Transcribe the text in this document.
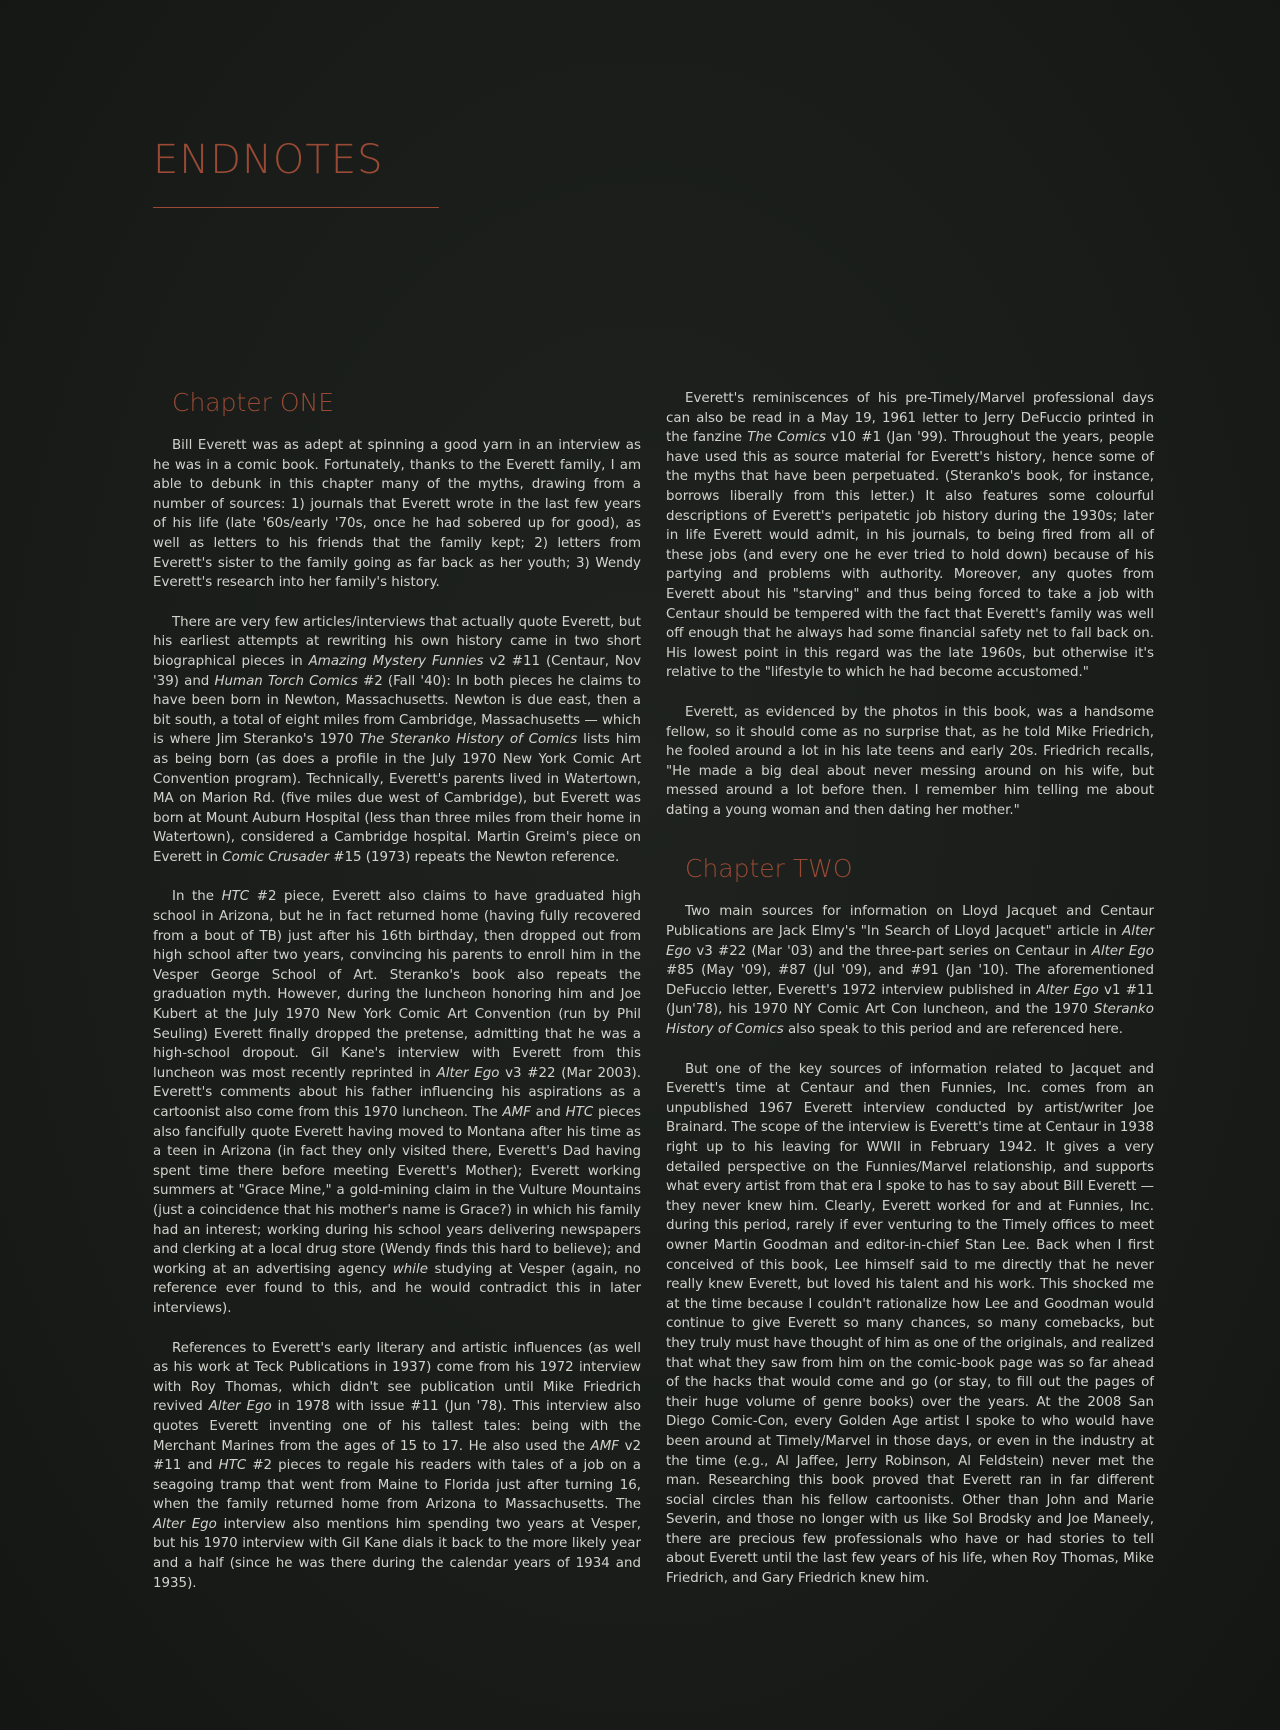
ENDNOTES
Chapter ONE

Bill Everett was as adept at spinning a good yarn in an interview as he was in a comic book. Fortunately, thanks to the Everett family, I am able to debunk in this chapter many of the myths, drawing from a number of sources: 1) journals that Everett wrote in the last few years of his life (late '60s/early '70s, once he had sobered up for good), as well as letters to his friends that the family kept; 2) letters from Everett's sister to the family going as far back as her youth; 3) Wendy Everett's research into her family's history.

There are very few articles/interviews that actually quote Everett, but his earliest attempts at rewriting his own history came in two short biographical pieces in Amazing Mystery Funnies v2 #11 (Centaur, Nov '39) and Human Torch Comics #2 (Fall '40): In both pieces he claims to have been born in Newton, Massachusetts. Newton is due east, then a bit south, a total of eight miles from Cambridge, Massachusetts — which is where Jim Steranko's 1970 The Steranko History of Comics lists him as being born (as does a profile in the July 1970 New York Comic Art Convention program). Technically, Everett's parents lived in Watertown, MA on Marion Rd. (five miles due west of Cambridge), but Everett was born at Mount Auburn Hospital (less than three miles from their home in Watertown), considered a Cambridge hospital. Martin Greim's piece on Everett in Comic Crusader #15 (1973) repeats the Newton reference.

In the HTC #2 piece, Everett also claims to have graduated high school in Arizona, but he in fact returned home (having fully recovered from a bout of TB) just after his 16th birthday, then dropped out from high school after two years, convincing his parents to enroll him in the Vesper George School of Art. Steranko's book also repeats the graduation myth. However, during the luncheon honoring him and Joe Kubert at the July 1970 New York Comic Art Convention (run by Phil Seuling) Everett finally dropped the pretense, admitting that he was a high-school dropout. Gil Kane's interview with Everett from this luncheon was most recently reprinted in Alter Ego v3 #22 (Mar 2003). Everett's comments about his father influencing his aspirations as a cartoonist also come from this 1970 luncheon. The AMF and HTC pieces also fancifully quote Everett having moved to Montana after his time as a teen in Arizona (in fact they only visited there, Everett's Dad having spent time there before meeting Everett's Mother); Everett working summers at "Grace Mine," a gold-mining claim in the Vulture Mountains (just a coincidence that his mother's name is Grace?) in which his family had an interest; working during his school years delivering newspapers and clerking at a local drug store (Wendy finds this hard to believe); and working at an advertising agency while studying at Vesper (again, no reference ever found to this, and he would contradict this in later interviews).

References to Everett's early literary and artistic influences (as well as his work at Teck Publications in 1937) come from his 1972 interview with Roy Thomas, which didn't see publication until Mike Friedrich revived Alter Ego in 1978 with issue #11 (Jun '78). This interview also quotes Everett inventing one of his tallest tales: being with the Merchant Marines from the ages of 15 to 17. He also used the AMF v2 #11 and HTC #2 pieces to regale his readers with tales of a job on a seagoing tramp that went from Maine to Florida just after turning 16, when the family returned home from Arizona to Massachusetts. The Alter Ego interview also mentions him spending two years at Vesper, but his 1970 interview with Gil Kane dials it back to the more likely year and a half (since he was there during the calendar years of 1934 and 1935).

Everett's reminiscences of his pre-Timely/Marvel professional days can also be read in a May 19, 1961 letter to Jerry DeFuccio printed in the fanzine The Comics v10 #1 (Jan '99). Throughout the years, people have used this as source material for Everett's history, hence some of the myths that have been perpetuated. (Steranko's book, for instance, borrows liberally from this letter.) It also features some colourful descriptions of Everett's peripatetic job history during the 1930s; later in life Everett would admit, in his journals, to being fired from all of these jobs (and every one he ever tried to hold down) because of his partying and problems with authority. Moreover, any quotes from Everett about his "starving" and thus being forced to take a job with Centaur should be tempered with the fact that Everett's family was well off enough that he always had some financial safety net to fall back on. His lowest point in this regard was the late 1960s, but otherwise it's relative to the "lifestyle to which he had become accustomed."

Everett, as evidenced by the photos in this book, was a handsome fellow, so it should come as no surprise that, as he told Mike Friedrich, he fooled around a lot in his late teens and early 20s. Friedrich recalls, "He made a big deal about never messing around on his wife, but messed around a lot before then. I remember him telling me about dating a young woman and then dating her mother."

Chapter TWO

Two main sources for information on Lloyd Jacquet and Centaur Publications are Jack Elmy's "In Search of Lloyd Jacquet" article in Alter Ego v3 #22 (Mar '03) and the three-part series on Centaur in Alter Ego #85 (May '09), #87 (Jul '09), and #91 (Jan '10). The aforementioned DeFuccio letter, Everett's 1972 interview published in Alter Ego v1 #11 (Jun'78), his 1970 NY Comic Art Con luncheon, and the 1970 Steranko History of Comics also speak to this period and are referenced here.

But one of the key sources of information related to Jacquet and Everett's time at Centaur and then Funnies, Inc. comes from an unpublished 1967 Everett interview conducted by artist/writer Joe Brainard. The scope of the interview is Everett's time at Centaur in 1938 right up to his leaving for WWII in February 1942. It gives a very detailed perspective on the Funnies/Marvel relationship, and supports what every artist from that era I spoke to has to say about Bill Everett — they never knew him. Clearly, Everett worked for and at Funnies, Inc. during this period, rarely if ever venturing to the Timely offices to meet owner Martin Goodman and editor-in-chief Stan Lee. Back when I first conceived of this book, Lee himself said to me directly that he never really knew Everett, but loved his talent and his work. This shocked me at the time because I couldn't rationalize how Lee and Goodman would continue to give Everett so many chances, so many comebacks, but they truly must have thought of him as one of the originals, and realized that what they saw from him on the comic-book page was so far ahead of the hacks that would come and go (or stay, to fill out the pages of their huge volume of genre books) over the years. At the 2008 San Diego Comic-Con, every Golden Age artist I spoke to who would have been around at Timely/Marvel in those days, or even in the industry at the time (e.g., Al Jaffee, Jerry Robinson, Al Feldstein) never met the man. Researching this book proved that Everett ran in far different social circles than his fellow cartoonists. Other than John and Marie Severin, and those no longer with us like Sol Brodsky and Joe Maneely, there are precious few professionals who have or had stories to tell about Everett until the last few years of his life, when Roy Thomas, Mike Friedrich, and Gary Friedrich knew him.
